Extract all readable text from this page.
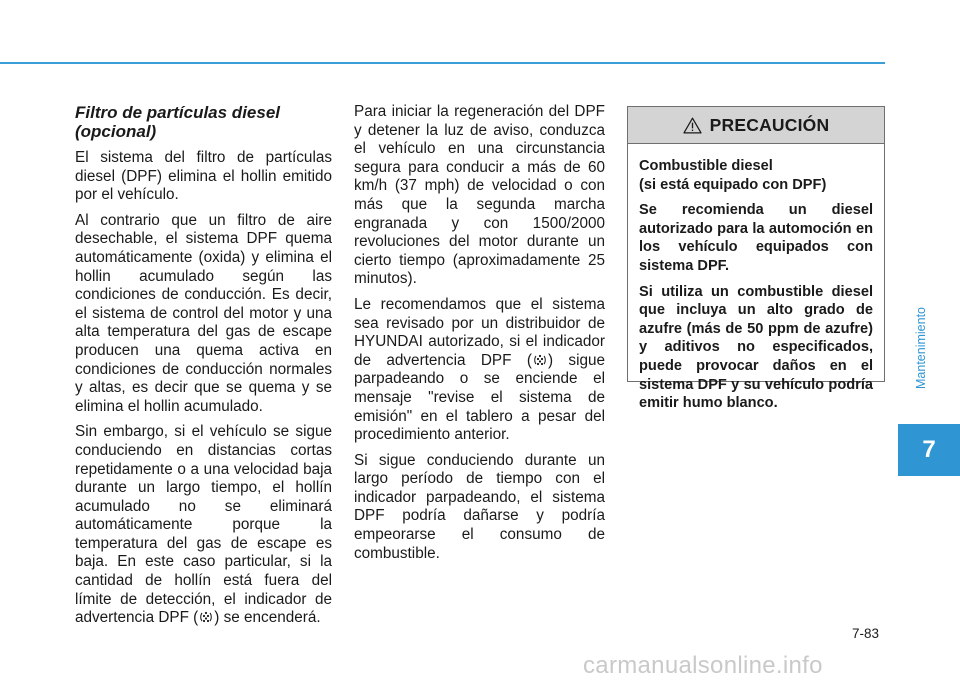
Filtro de partículas diesel
(opcional)

El sistema del filtro de partículas diesel (DPF) elimina el hollin emitido por el vehículo.

Al contrario que un filtro de aire desechable, el sistema DPF quema automáticamente (oxida) y elimina el hollin acumulado según las condiciones de conducción. Es decir, el sistema de control del motor y una alta temperatura del gas de escape producen una quema activa en condiciones de conducción normales y altas, es decir que se quema y se elimina el hollin acumulado.

Sin embargo, si el vehículo se sigue conduciendo en distancias cortas repetidamente o a una velocidad baja durante un largo tiempo, el hollín acumulado no se eliminará automáticamente porque la temperatura del gas de escape es baja. En este caso particular, si la cantidad de hollín está fuera del límite de detección, el indicador de advertencia DPF ( ) se encenderá.

Para iniciar la regeneración del DPF y detener la luz de aviso, conduzca el vehículo en una circunstancia segura para conducir a más de 60 km/h (37 mph) de velocidad o con más que la segunda marcha engranada y con 1500/2000 revoluciones del motor durante un cierto tiempo (aproximadamente 25 minutos).

Le recomendamos que el sistema sea revisado por un distribuidor de HYUNDAI autorizado, si el indicador de advertencia DPF ( ) sigue parpadeando o se enciende el mensaje "revise el sistema de emisión" en el tablero a pesar del procedimiento anterior.

Si sigue conduciendo durante un largo período de tiempo con el indicador parpadeando, el sistema DPF podría dañarse y podría empeorarse el consumo de combustible.

PRECAUCIÓN

Combustible diesel
(si está equipado con DPF)

Se recomienda un diesel autorizado para la automoción en los vehículo equipados con sistema DPF.

Si utiliza un combustible diesel que incluya un alto grado de azufre (más de 50 ppm de azufre) y aditivos no especificados, puede provocar daños en el sistema DPF y su vehículo podría emitir humo blanco.

Mantenimiento
7
7-83
carmanualsonline.info
